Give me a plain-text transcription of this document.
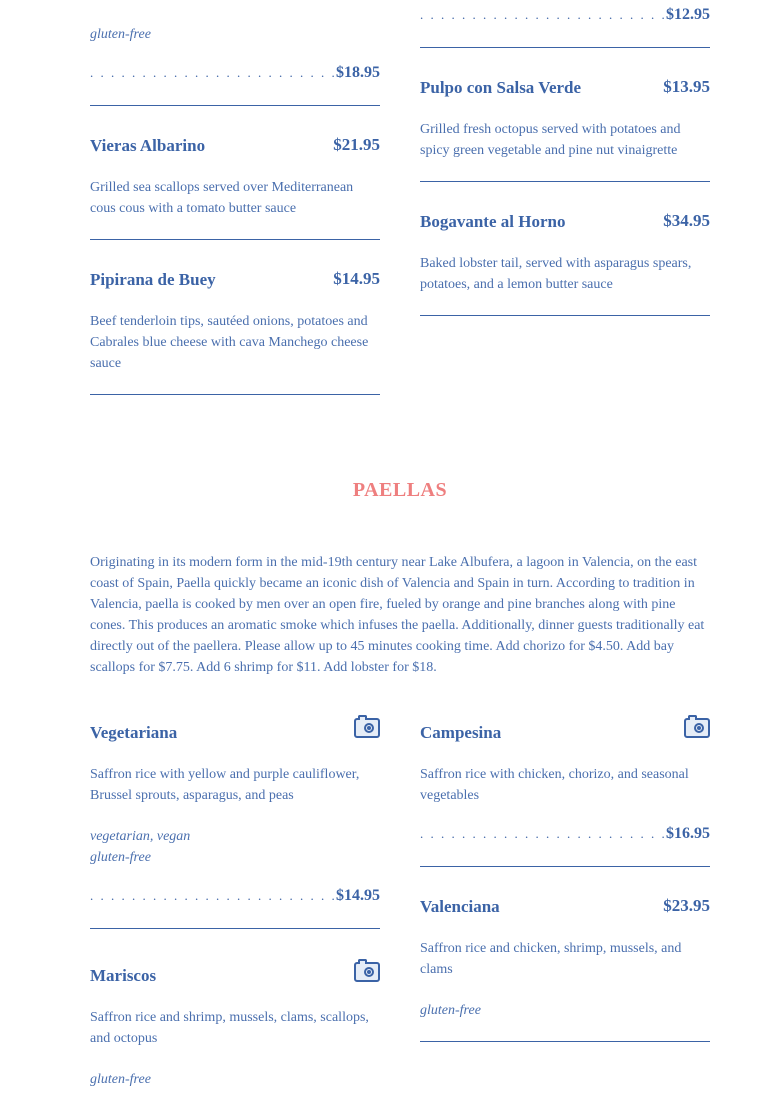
gluten-free
. . .
$18.95
Vieras Albarino	$21.95
Grilled sea scallops served over Mediterranean cous cous with a tomato butter sauce
Pipirana de Buey	$14.95
Beef tenderloin tips, sautéed onions, potatoes and Cabrales blue cheese with cava Manchego cheese sauce
. . .
$12.95
Pulpo con Salsa Verde	$13.95
Grilled fresh octopus served with potatoes and spicy green vegetable and pine nut vinaigrette
Bogavante al Horno	$34.95
Baked lobster tail, served with asparagus spears, potatoes, and a lemon butter sauce
PAELLAS
Originating in its modern form in the mid-19th century near Lake Albufera, a lagoon in Valencia, on the east coast of Spain, Paella quickly became an iconic dish of Valencia and Spain in turn. According to tradition in Valencia, paella is cooked by men over an open fire, fueled by orange and pine branches along with pine cones. This produces an aromatic smoke which infuses the paella. Additionally, dinner guests traditionally eat directly out of the paellera. Please allow up to 45 minutes cooking time. Add chorizo for $4.50. Add bay scallops for $7.75. Add 6 shrimp for $11. Add lobster for $18.
Vegetariana
Saffron rice with yellow and purple cauliflower, Brussel sprouts, asparagus, and peas
vegetarian, vegan
gluten-free
. . .
$14.95
Mariscos
Saffron rice and shrimp, mussels, clams, scallops, and octopus
gluten-free
Campesina
Saffron rice with chicken, chorizo, and seasonal vegetables
. . .
$16.95
Valenciana	$23.95
Saffron rice and chicken, shrimp, mussels, and clams
gluten-free
